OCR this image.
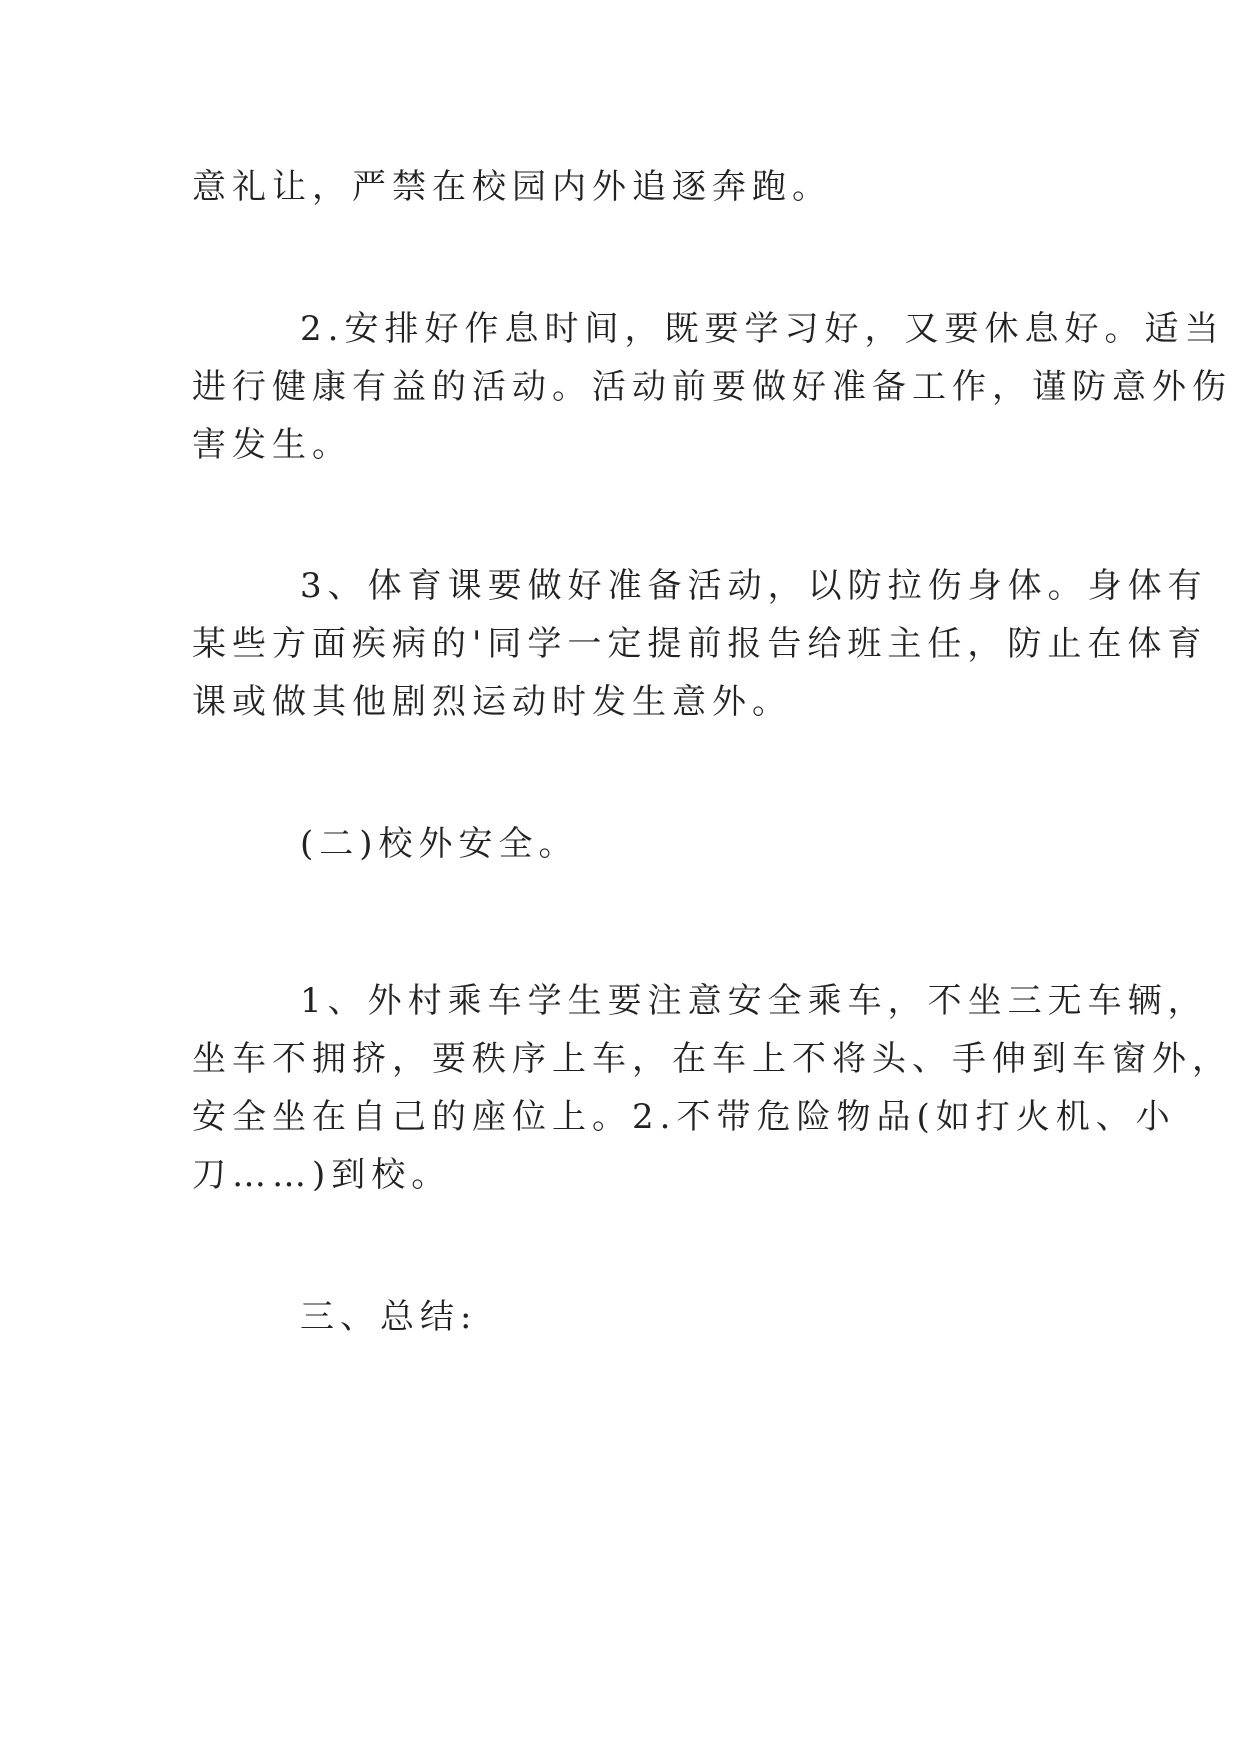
意礼让，严禁在校园内外追逐奔跑。
2.安排好作息时间，既要学习好，又要休息好。适当
进行健康有益的活动。活动前要做好准备工作，谨防意外伤
害发生。
3、体育课要做好准备活动，以防拉伤身体。身体有
某些方面疾病的'同学一定提前报告给班主任，防止在体育
课或做其他剧烈运动时发生意外。
(二)校外安全。
1、外村乘车学生要注意安全乘车，不坐三无车辆，
坐车不拥挤，要秩序上车，在车上不将头、手伸到车窗外，
安全坐在自己的座位上。2.不带危险物品(如打火机、小
刀……)到校。
三、总结:
